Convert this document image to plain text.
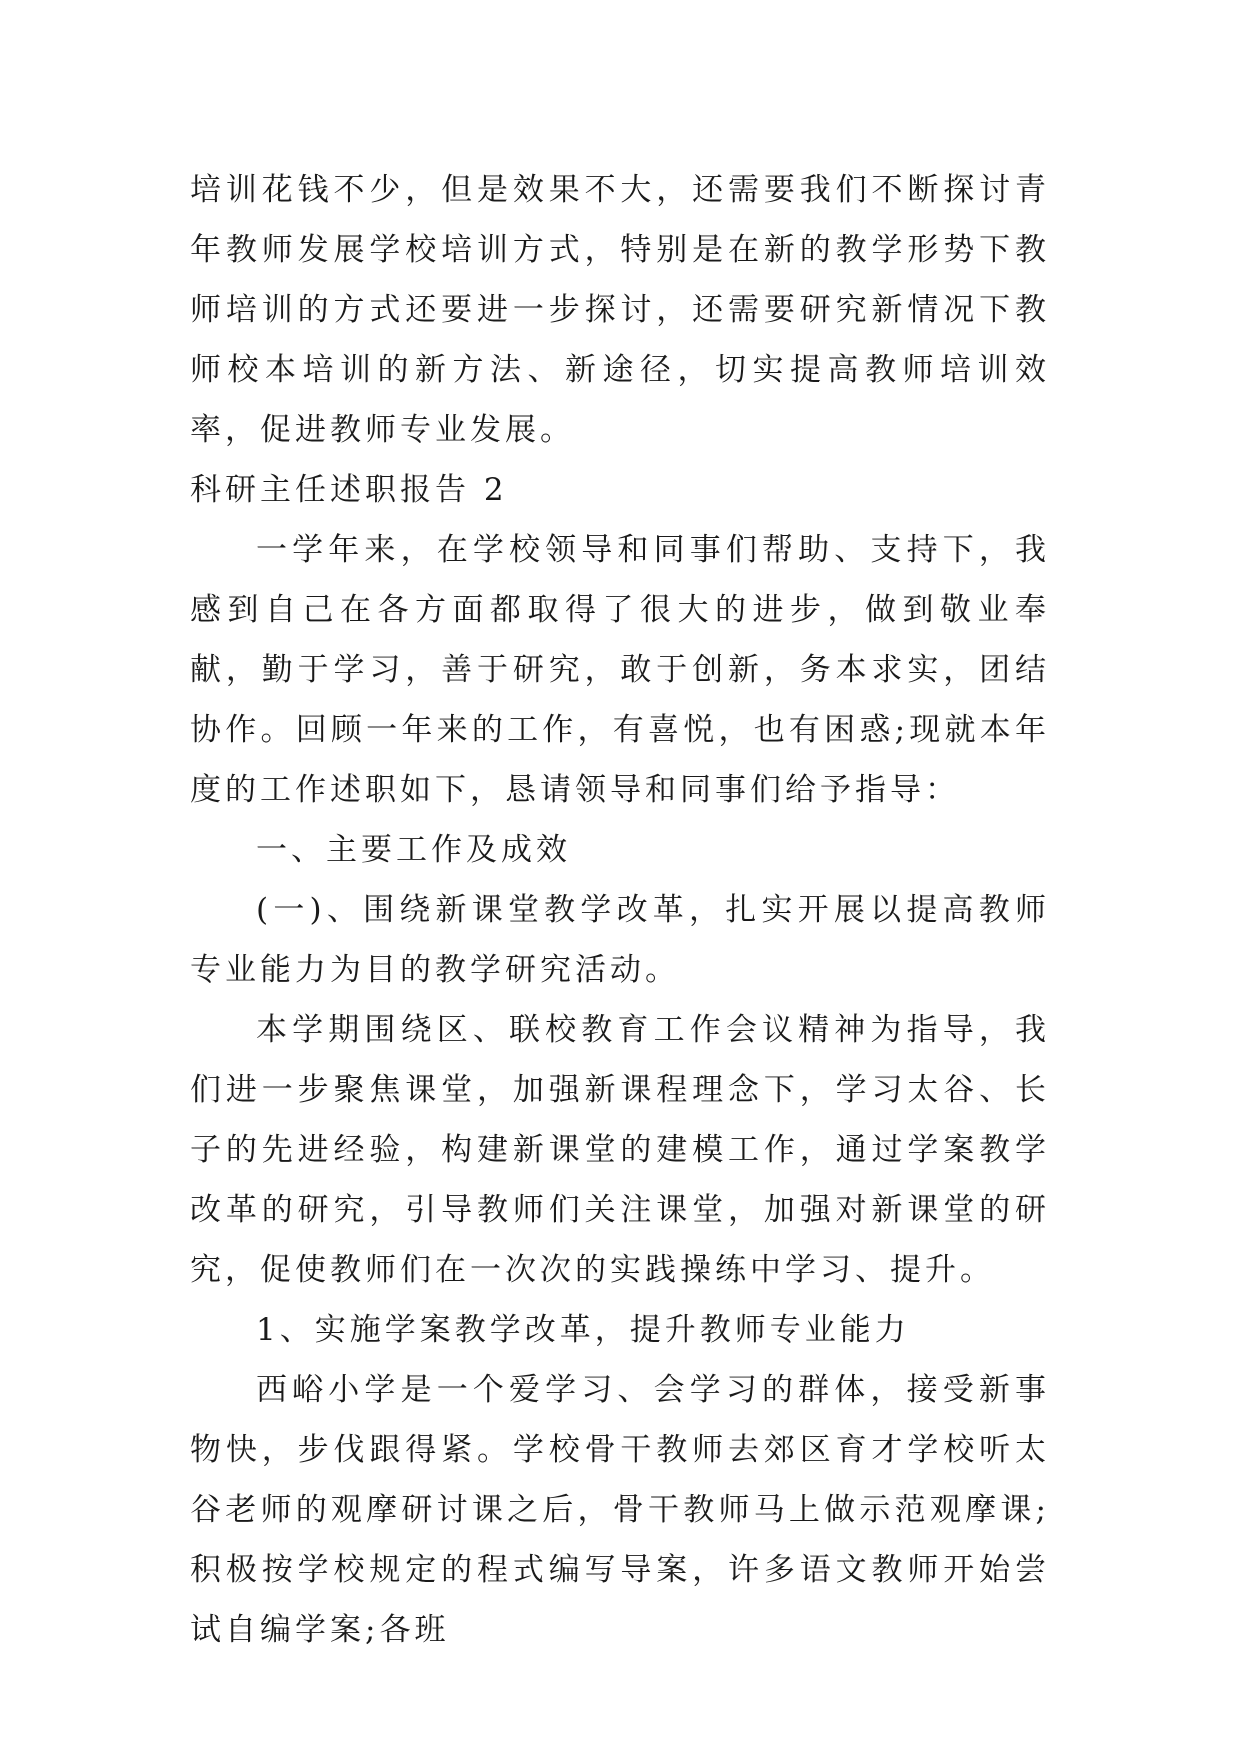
培训花钱不少，但是效果不大，还需要我们不断探讨青年教师发展学校培训方式，特别是在新的教学形势下教师培训的方式还要进一步探讨，还需要研究新情况下教师校本培训的新方法、新途径，切实提高教师培训效率，促进教师专业发展。

科研主任述职报告 2

一学年来，在学校领导和同事们帮助、支持下，我感到自己在各方面都取得了很大的进步，做到敬业奉献，勤于学习，善于研究，敢于创新，务本求实，团结协作。回顾一年来的工作，有喜悦，也有困惑;现就本年度的工作述职如下，恳请领导和同事们给予指导：

一、主要工作及成效

(一)、围绕新课堂教学改革，扎实开展以提高教师专业能力为目的教学研究活动。

本学期围绕区、联校教育工作会议精神为指导，我们进一步聚焦课堂，加强新课程理念下，学习太谷、长子的先进经验，构建新课堂的建模工作，通过学案教学改革的研究，引导教师们关注课堂，加强对新课堂的研究，促使教师们在一次次的实践操练中学习、提升。

1、实施学案教学改革，提升教师专业能力

西峪小学是一个爱学习、会学习的群体，接受新事物快，步伐跟得紧。学校骨干教师去郊区育才学校听太谷老师的观摩研讨课之后，骨干教师马上做示范观摩课;积极按学校规定的程式编写导案，许多语文教师开始尝试自编学案;各班
